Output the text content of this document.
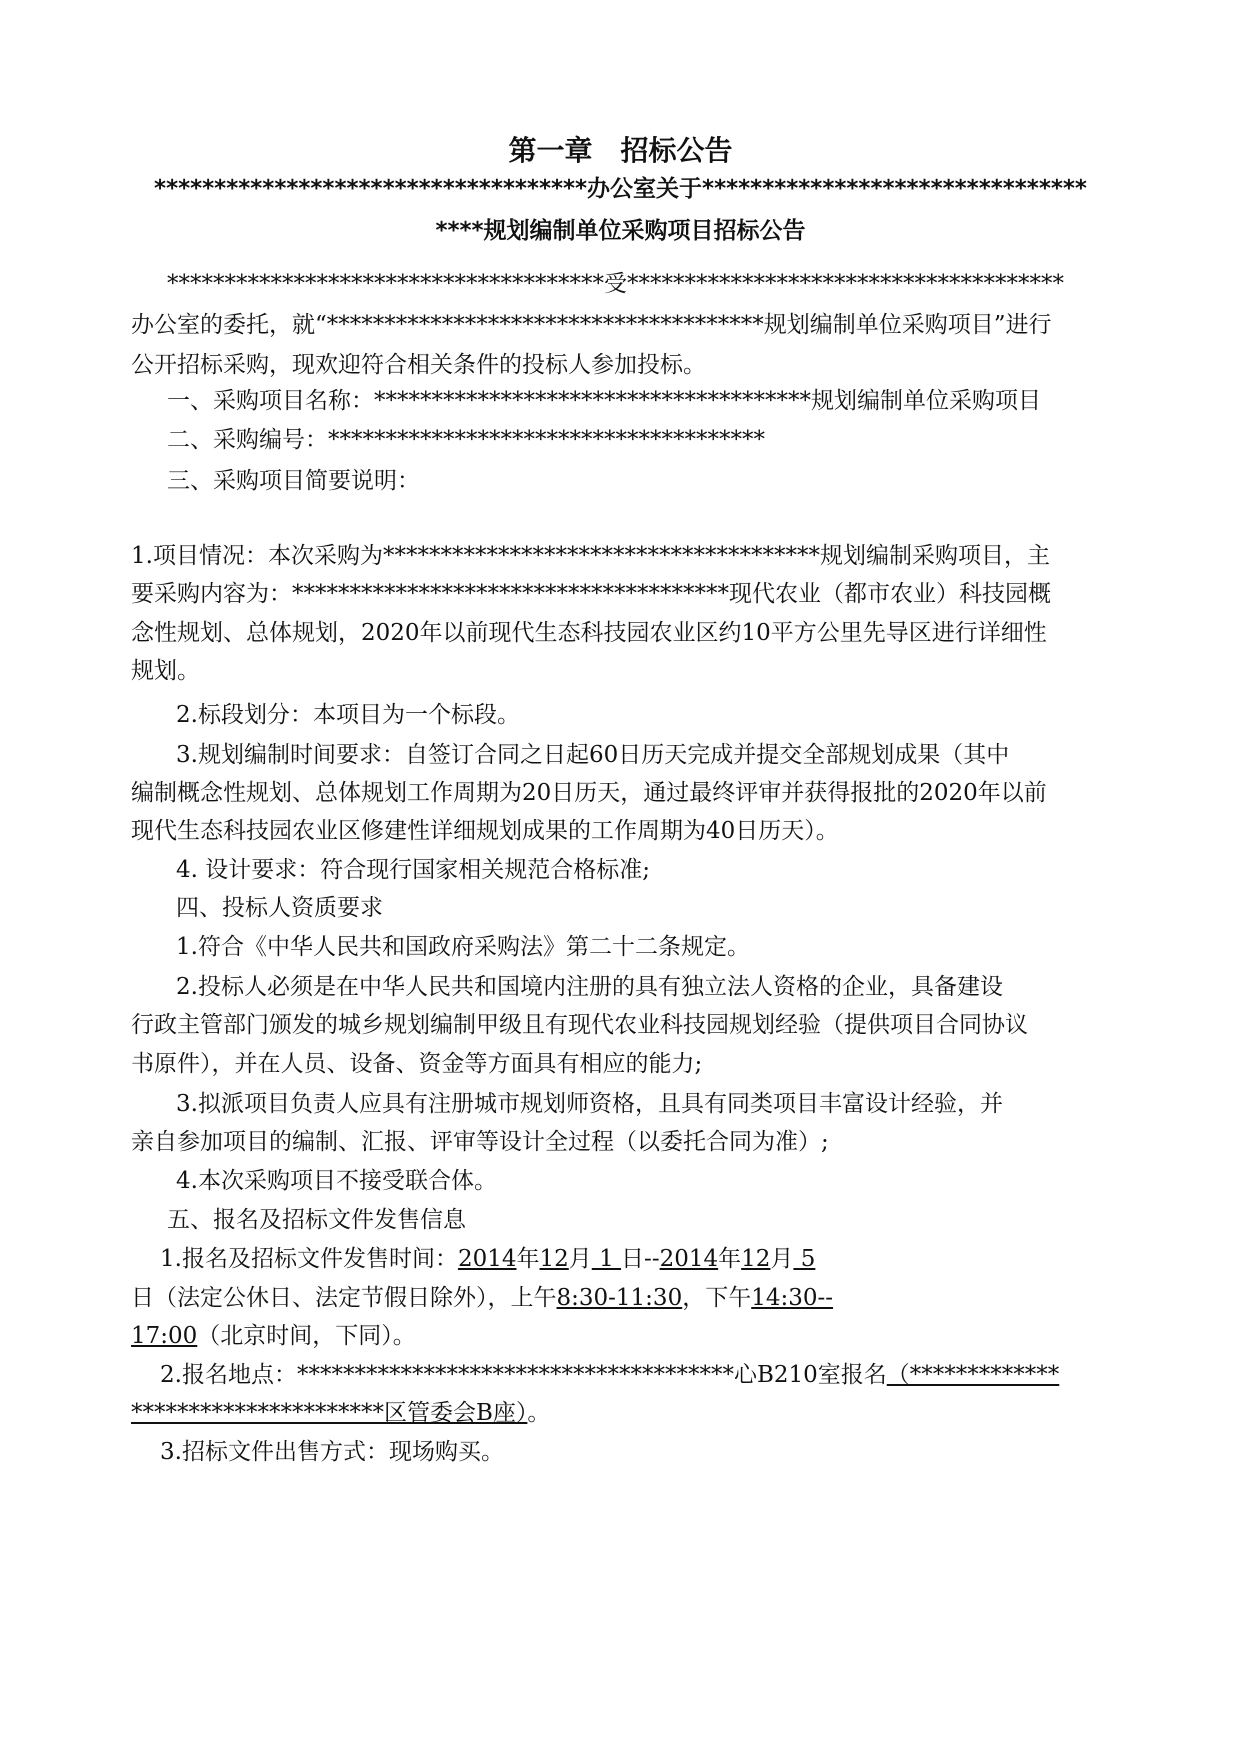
第一章　招标公告
************************************办公室关于********************************
****规划编制单位采购项目招标公告
**************************************受**************************************
办公室的委托，就“**************************************规划编制单位采购项目”进行
公开招标采购，现欢迎符合相关条件的投标人参加投标。
一、采购项目名称：**************************************规划编制单位采购项目
二、采购编号：**************************************
三、采购项目简要说明：
1.项目情况：本次采购为**************************************规划编制采购项目，主
要采购内容为：**************************************现代农业（都市农业）科技园概
念性规划、总体规划，2020年以前现代生态科技园农业区约10平方公里先导区进行详细性
规划。
2.标段划分：本项目为一个标段。
3.规划编制时间要求：自签订合同之日起60日历天完成并提交全部规划成果（其中
编制概念性规划、总体规划工作周期为20日历天，通过最终评审并获得报批的2020年以前
现代生态科技园农业区修建性详细规划成果的工作周期为40日历天）。
4. 设计要求：符合现行国家相关规范合格标准;
四、投标人资质要求
1.符合《中华人民共和国政府采购法》第二十二条规定。
2.投标人必须是在中华人民共和国境内注册的具有独立法人资格的企业，具备建设
行政主管部门颁发的城乡规划编制甲级且有现代农业科技园规划经验（提供项目合同协议
书原件），并在人员、设备、资金等方面具有相应的能力;
3.拟派项目负责人应具有注册城市规划师资格，且具有同类项目丰富设计经验，并
亲自参加项目的编制、汇报、评审等设计全过程（以委托合同为准）;
4.本次采购项目不接受联合体。
五、报名及招标文件发售信息
1.报名及招标文件发售时间：2014年12月 1 日--2014年12月 5
日（法定公休日、法定节假日除外），上午8:30-11:30，下午14:30--
17:00（北京时间，下同）。
2.报名地点：**************************************心B210室报名（*************
**********************区管委会B座）。
3.招标文件出售方式：现场购买。
